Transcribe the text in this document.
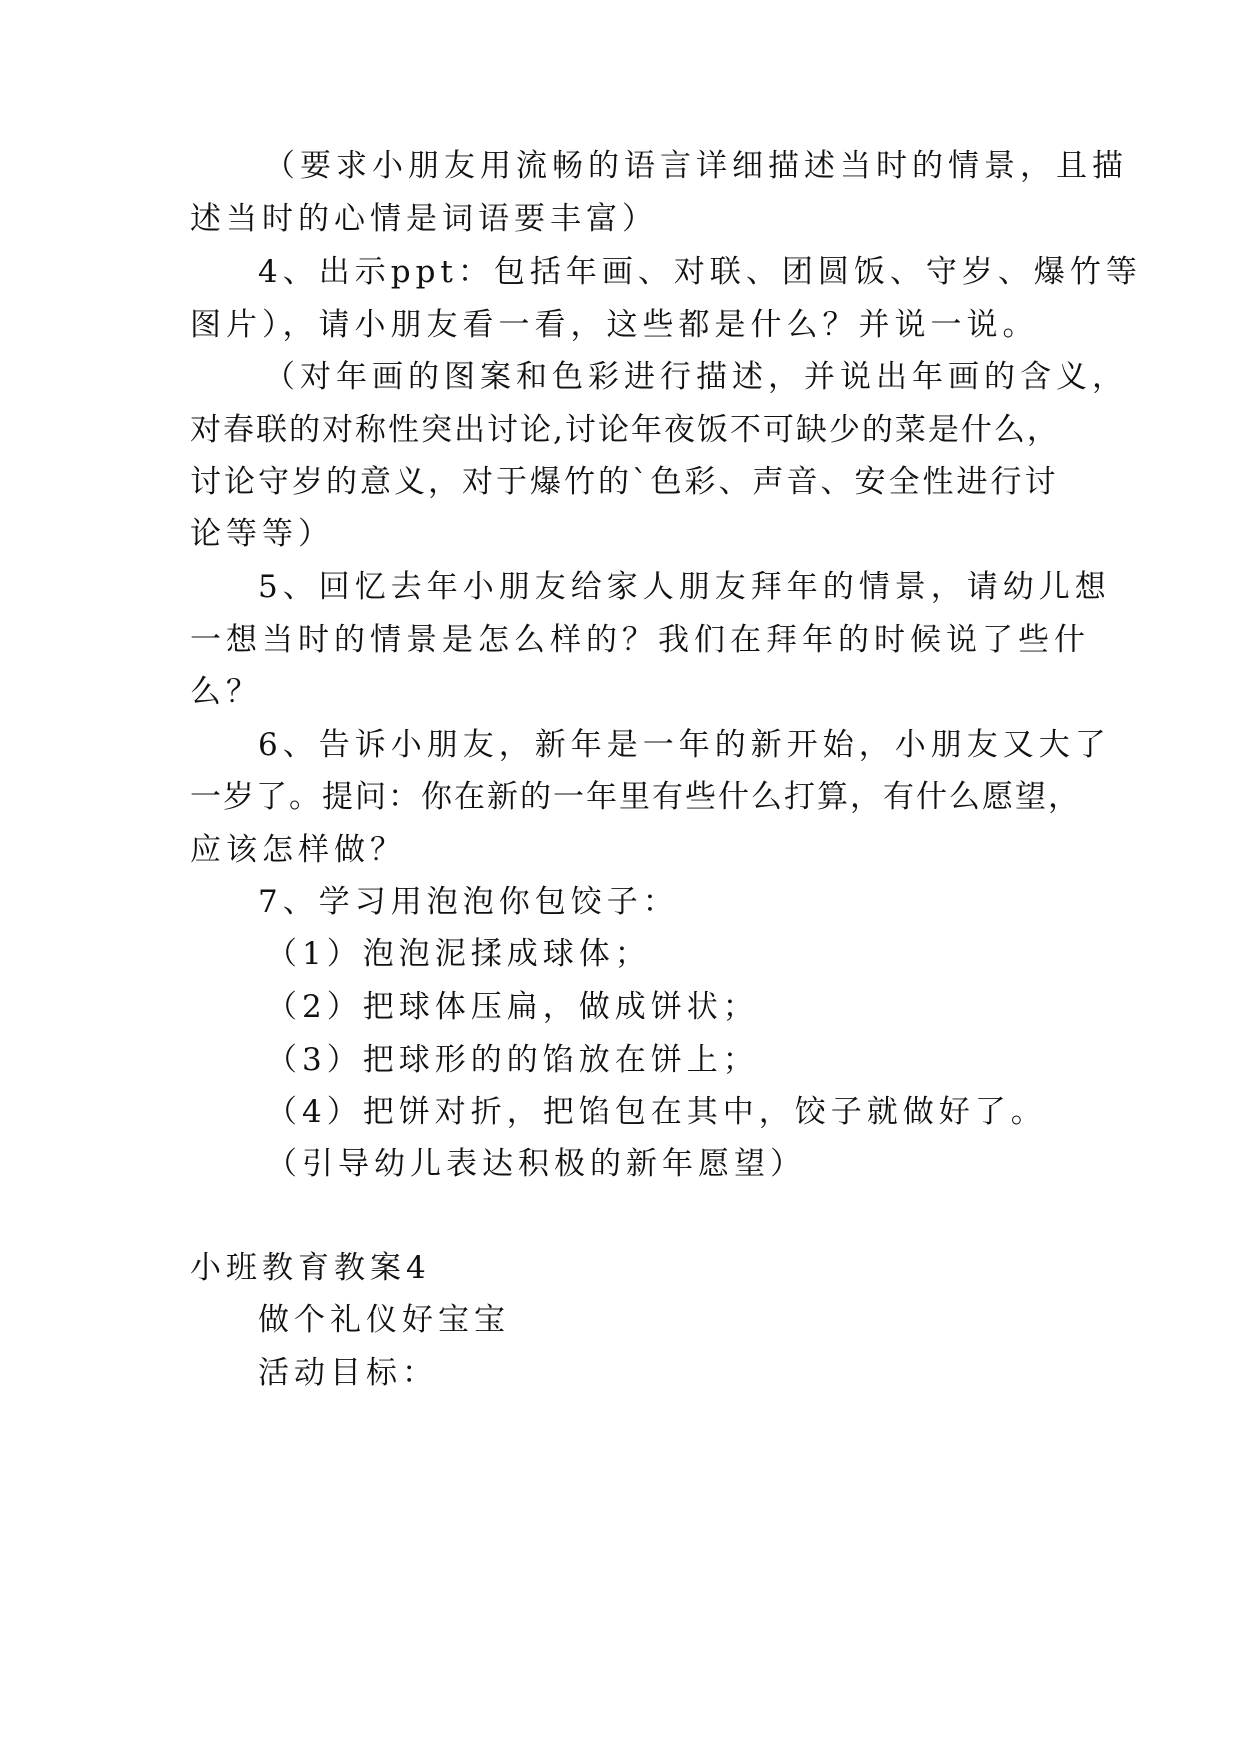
（要求小朋友用流畅的语言详细描述当时的情景，且描
述当时的心情是词语要丰富）
4、出示ppt：包括年画、对联、团圆饭、守岁、爆竹等
图片），请小朋友看一看，这些都是什么？并说一说。
（对年画的图案和色彩进行描述，并说出年画的含义，
对春联的对称性突出讨论,讨论年夜饭不可缺少的菜是什么，
讨论守岁的意义，对于爆竹的`色彩、声音、安全性进行讨
论等等）
5、回忆去年小朋友给家人朋友拜年的情景，请幼儿想
一想当时的情景是怎么样的？我们在拜年的时候说了些什
么？
6、告诉小朋友，新年是一年的新开始，小朋友又大了
一岁了。提问：你在新的一年里有些什么打算，有什么愿望，
应该怎样做？
7、学习用泡泡你包饺子：
（1）泡泡泥揉成球体；
（2）把球体压扁，做成饼状；
（3）把球形的的馅放在饼上；
（4）把饼对折，把馅包在其中，饺子就做好了。
（引导幼儿表达积极的新年愿望）
小班教育教案4
做个礼仪好宝宝
活动目标：
